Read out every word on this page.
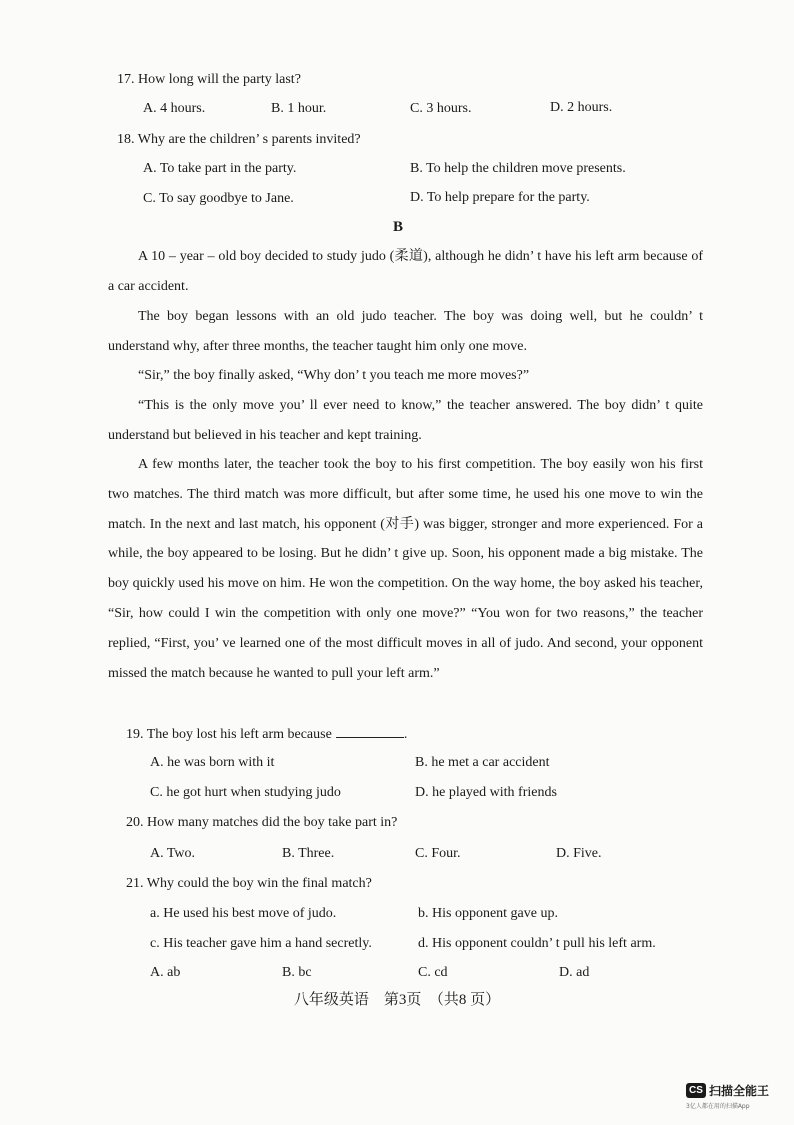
17. How long will the party last?
A. 4 hours.	B. 1 hour.	C. 3 hours.	D. 2 hours.
18. Why are the children’ s parents invited?
A. To take part in the party.	B. To help the children move presents.
C. To say goodbye to Jane.	D. To help prepare for the party.
B
A 10 – year – old boy decided to study judo (柔道), although he didn’ t have his left arm because of a car accident.
The boy began lessons with an old judo teacher. The boy was doing well, but he couldn’ t understand why, after three months, the teacher taught him only one move.
“Sir,” the boy finally asked, “Why don’ t you teach me more moves?”
“This is the only move you’ ll ever need to know,” the teacher answered. The boy didn’ t quite understand but believed in his teacher and kept training.
A few months later, the teacher took the boy to his first competition. The boy easily won his first two matches. The third match was more difficult, but after some time, he used his one move to win the match. In the next and last match, his opponent (对手) was bigger, stronger and more experienced. For a while, the boy appeared to be losing. But he didn’ t give up. Soon, his opponent made a big mistake. The boy quickly used his move on him. He won the competition. On the way home, the boy asked his teacher, “Sir, how could I win the competition with only one move?” “You won for two reasons,” the teacher replied, “First, you’ ve learned one of the most difficult moves in all of judo. And second, your opponent missed the match because he wanted to pull your left arm.”
19. The boy lost his left arm because	.
A. he was born with it	B. he met a car accident
C. he got hurt when studying judo	D. he played with friends
20. How many matches did the boy take part in?
A. Two.	B. Three.	C. Four.	D. Five.
21. Why could the boy win the final match?
a. He used his best move of judo.	b. His opponent gave up.
c. His teacher gave him a hand secretly.	d. His opponent couldn’ t pull his left arm.
A. ab	B. bc	C. cd	D. ad
八年级英语　第3页　（共8 页）
CS 扫描全能王
3亿人都在用的扫描App
